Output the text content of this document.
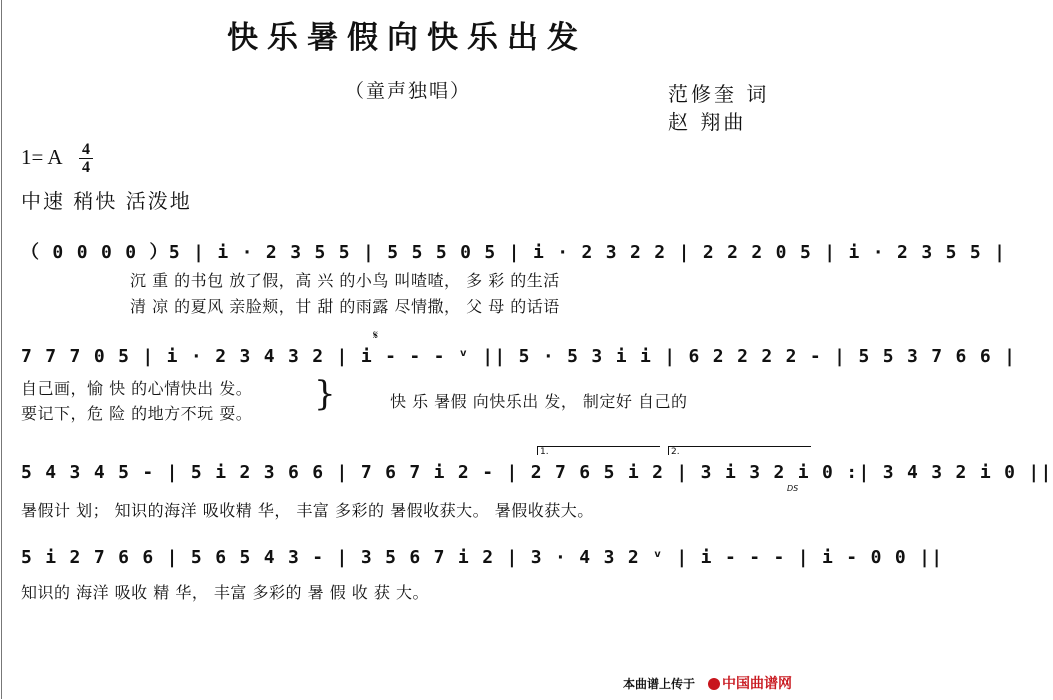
快乐暑假向快乐出发
（童声独唱）	范修奎 词
赵 翔曲
1= A 4
4
中速 稍快 活泼地
（ 0 0 0 0 ）5 | i · 2 3 5 5 | 5 5 5 0 5 | i · 2 3 2 2 | 2 2 2 0 5 | i · 2 3 5 5 |
沉 重 的书包 放了假，高 兴 的小鸟 叫喳喳， 多 彩 的生活
清 凉 的夏风 亲脸颊，甘 甜 的雨露 尽情撒， 父 母 的话语
𝄋
7 7 7 0 5 | i · 2 3 4 3 2 | i - - - ᵛ || 5 · 5 3 i i | 6 2 2 2 2 - | 5 5 3 7 6 6 |
自己画，愉 快 的心情快出 发。
要记下，危 险 的地方不玩 耍。 }	快 乐 暑假 向快乐出 发， 制定好 自己的
1.	2.
5 4 3 4 5 - | 5 i 2 3 6 6 | 7 6 7 i 2 - | 2 7 6 5 i 2 | 3 i 3 2 i 0 :| 3 4 3 2 i 0 ||
DS
暑假计 划； 知识的海洋 吸收精 华， 丰富 多彩的 暑假收获大。 暑假收获大。
5 i 2 7 6 6 | 5 6 5 4 3 - | 3 5 6 7 i 2 | 3 · 4 3 2 ᵛ | i - - - | i - 0 0 ||
知识的 海洋 吸收 精 华， 丰富 多彩的 暑 假 收 获 大。
本曲谱上传于	中国曲谱网
